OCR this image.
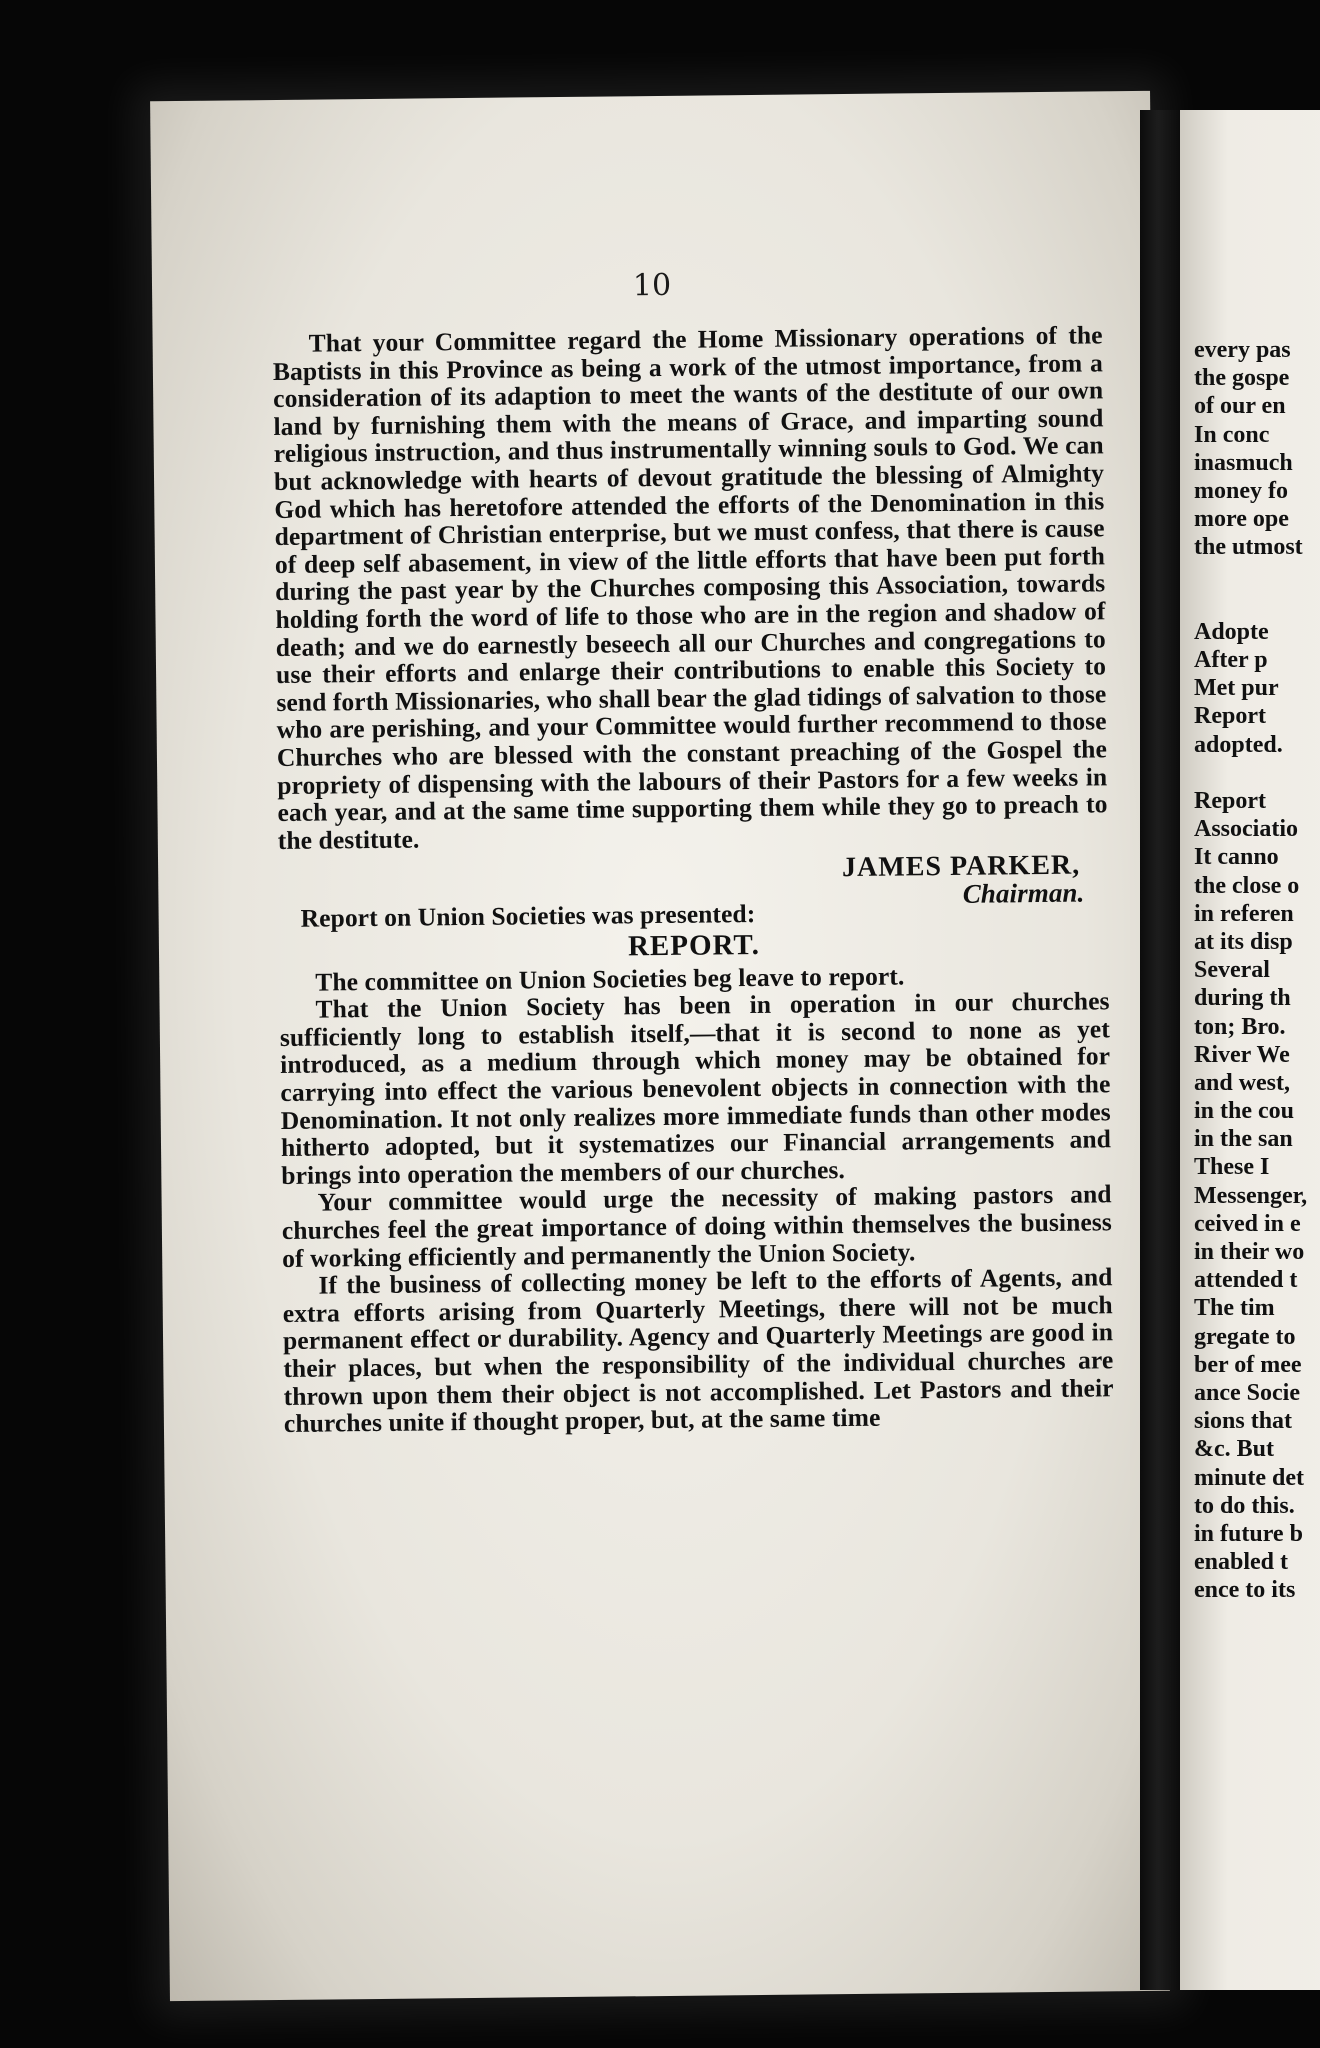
10

That your Committee regard the Home Missionary operations of the Baptists in this Province as being a work of the utmost importance, from a consideration of its adaption to meet the wants of the destitute of our own land by furnishing them with the means of Grace, and imparting sound religious instruction, and thus instrumentally winning souls to God. We can but acknowledge with hearts of devout gratitude the blessing of Almighty God which has heretofore attended the efforts of the Denomination in this department of Christian enterprise, but we must confess, that there is cause of deep self abasement, in view of the little efforts that have been put forth during the past year by the Churches composing this Association, towards holding forth the word of life to those who are in the region and shadow of death; and we do earnestly beseech all our Churches and congregations to use their efforts and enlarge their contributions to enable this Society to send forth Missionaries, who shall bear the glad tidings of salvation to those who are perishing, and your Committee would further recommend to those Churches who are blessed with the constant preaching of the Gospel the propriety of dispensing with the labours of their Pastors for a few weeks in each year, and at the same time supporting them while they go to preach to the destitute.

JAMES PARKER,
Chairman.

Report on Union Societies was presented:

REPORT.

The committee on Union Societies beg leave to report.

That the Union Society has been in operation in our churches sufficiently long to establish itself,—that it is second to none as yet introduced, as a medium through which money may be obtained for carrying into effect the various benevolent objects in connection with the Denomination. It not only realizes more immediate funds than other modes hitherto adopted, but it systematizes our Financial arrangements and brings into operation the members of our churches.

Your committee would urge the necessity of making pastors and churches feel the great importance of doing within themselves the business of working efficiently and permanently the Union Society.

If the business of collecting money be left to the efforts of Agents, and extra efforts arising from Quarterly Meetings, there will not be much permanent effect or durability. Agency and Quarterly Meetings are good in their places, but when the responsibility of the individual churches are thrown upon them their object is not accomplished. Let Pastors and their churches unite if thought proper, but, at the same time

every pas
the gospe
of our en
In conc
inasmuch
money fo
more ope
the utmost
Adopte
After p
Met pur
Report
adopted.
Report
Associatio
It canno
the close o
in referen
at its disp
Several
during th
ton; Bro.
River We
and west,
in the cou
in the san
These I
Messenger,
ceived in e
in their wo
attended t
The tim
gregate to
ber of mee
ance Socie
sions that
&c. But
minute det
to do this.
in future b
enabled t
ence to its
